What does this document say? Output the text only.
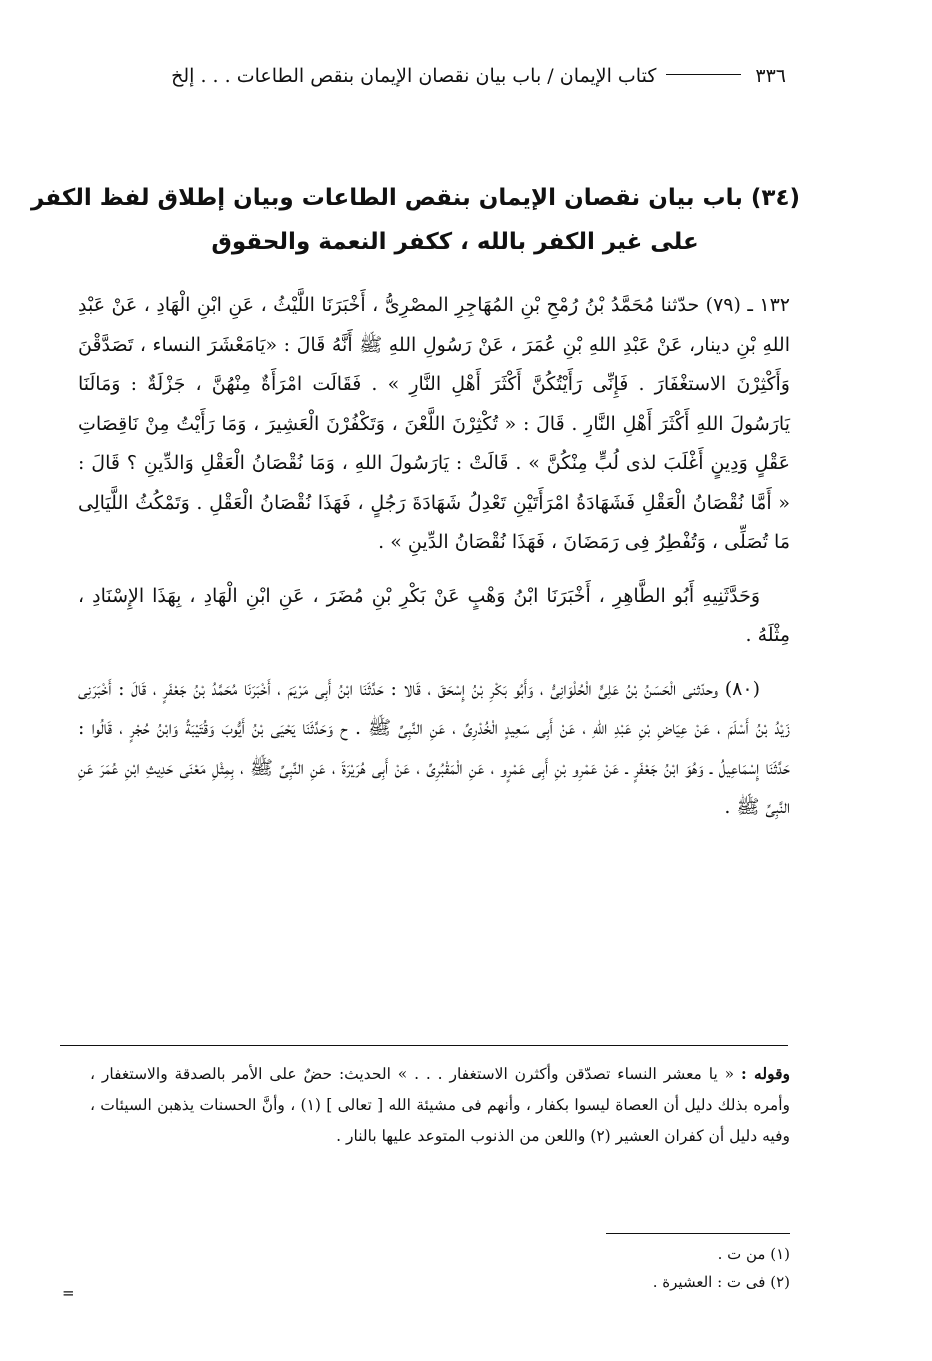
٣٣٦
كتاب الإيمان / باب بيان نقصان الإيمان بنقص الطاعات . . . إلخ
(٣٤) باب بيان نقصان الإيمان بنقص الطاعات وبيان إطلاق لفظ الكفر
على غير الكفر بالله ، ككفر النعمة والحقوق

١٣٢ ـ (٧٩) حدّثنا مُحَمَّدُ بْنُ رُمْحِ بْنِ المُهَاجِرِ المصْرِىُّ ، أَخْبَرَنَا اللَّيْثُ ، عَنِ ابْنِ الْهَادِ ، عَنْ عَبْدِ اللهِ بْنِ دينار، عَنْ عَبْدِ اللهِ بْنِ عُمَرَ ، عَنْ رَسُولِ اللهِ ﷺ أَنَّهُ قَالَ : «يَامَعْشَرَ النساء ، تَصَدَّقْنَ وَأَكْثِرْنَ الاستغْفَارَ . فَإِنِّى رَأَيْتُكُنَّ أَكْثَرَ أَهْلِ النَّارِ » . فَقَالَت امْرَأَةٌ مِنْهُنَّ ، جَزْلَةٌ : وَمَالَنَا يَارَسُولَ اللهِ أَكْثَرَ أَهْلِ النَّارِ . قَالَ : « تُكْثِرْنَ اللَّعْنَ ، وَتَكْفُرْنَ الْعَشِيرَ ، وَمَا رَأَيْتُ مِنْ نَاقِصَاتِ عَقْلٍ وَدِينٍ أَغْلَبَ لذى لُبٍّ مِنْكُنَّ » . قَالَتْ : يَارَسُولَ اللهِ ، وَمَا نُقْصَانُ الْعَقْلِ وَالدِّينِ ؟ قَالَ : « أَمَّا نُقْصَانُ الْعَقْلِ فَشَهَادَةُ امْرَأَتَيْنِ تَعْدِلُ شَهَادَةَ رَجُلٍ ، فَهَذَا نُقْصَانُ الْعَقْلِ . وَتَمْكُثُ اللَّيَالِى مَا تُصَلِّى ، وَتُفْطِرُ فِى رَمَضَانَ ، فَهَذَا نُقْصَانُ الدِّينِ » .

وَحَدَّثَنِيهِ أَبُو الطَّاهِرِ ، أَخْبَرَنَا ابْنُ وَهْبٍ عَنْ بَكْرِ بْنِ مُضَرَ ، عَنِ ابْنِ الْهَادِ ، بِهَذَا الإِسْنَادِ ، مِثْلَهُ .

(٨٠) وحدّثنى الْحَسَنُ بْنُ عَلِىٍّ الْحُلْوَانِىُّ ، وَأَبُو بَكْرِ بْنُ إِسْحَقَ ، قَالا : حَدَّثَنَا ابْنُ أَبِى مَرْيَمَ ، أَخْبَرَنَا مُحَمَّدُ بْنُ جَعْفَرٍ ، قَالَ : أَخْبَرَنِى زَيْدُ بْنُ أَسْلَمَ ، عَنْ عِيَاضِ بْنِ عَبْدِ اللهِ ، عَنْ أَبِى سَعِيدٍ الْخُدْرِىِّ ، عَنِ النَّبِىِّ ﷺ . ح وَحَدَّثَنَا يَحْيَى بْنُ أَيُّوبَ وَقُتَيْبَةُ وَابْنُ حُجْرٍ ، قَالُوا : حَدَّثَنَا إِسْمَاعِيلُ ـ وَهُوَ ابْنُ جَعْفَرٍ ـ عَنْ عَمْرِو بْنِ أَبِى عَمْرٍو ، عَنِ الْمَقْبُرِىِّ ، عَنْ أَبِى هُرَيْرَةَ ، عَنِ النَّبِىِّ ﷺ ، بِمِثْلِ مَعْنَى حَدِيثِ ابْنِ عُمَرَ عَنِ النَّبِىِّ ﷺ .

وقوله : « يا معشر النساء تصدّقن وأكثرن الاستغفار . . . » الحديث: حضٌ على الأمر بالصدقة والاستغفار ، وأمره بذلك دليل أن العصاة ليسوا بكفار ، وأنهم فى مشيئة الله [ تعالى ] (١) ، وأنَّ الحسنات يذهبن السيئات ، وفيه دليل أن كفران العشير (٢) واللعن من الذنوب المتوعد عليها بالنار .
(١) من ت .
(٢) فى ت : العشيرة .
=
